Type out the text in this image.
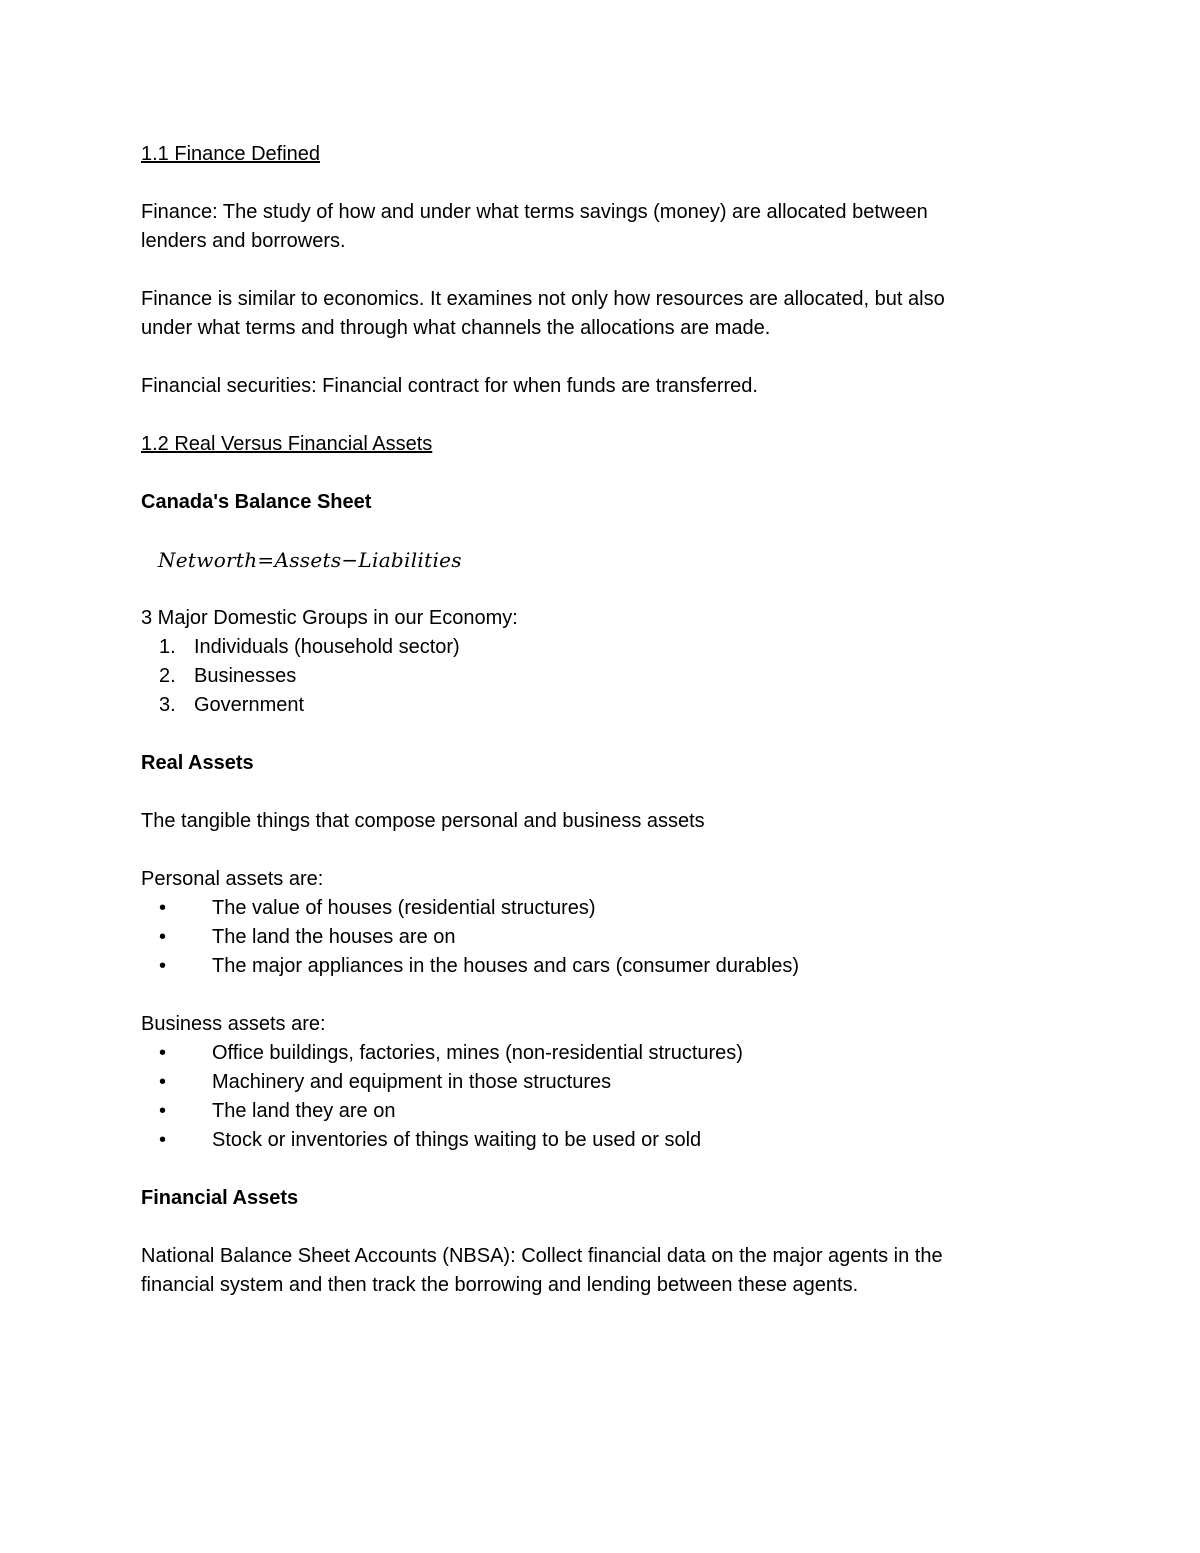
1.1 Finance Defined
Finance: The study of how and under what terms savings (money) are allocated between
lenders and borrowers.
Finance is similar to economics. It examines not only how resources are allocated, but also
under what terms and through what channels the allocations are made.
Financial securities: Financial contract for when funds are transferred.
1.2 Real Versus Financial Assets
Canada's Balance Sheet
Networth=Assets−Liabilities
3 Major Domestic Groups in our Economy:
1. Individuals (household sector)
2. Businesses
3. Government
Real Assets
The tangible things that compose personal and business assets
Personal assets are:
• The value of houses (residential structures)
• The land the houses are on
• The major appliances in the houses and cars (consumer durables)
Business assets are:
• Office buildings, factories, mines (non-residential structures)
• Machinery and equipment in those structures
• The land they are on
• Stock or inventories of things waiting to be used or sold
Financial Assets
National Balance Sheet Accounts (NBSA): Collect financial data on the major agents in the
financial system and then track the borrowing and lending between these agents.
